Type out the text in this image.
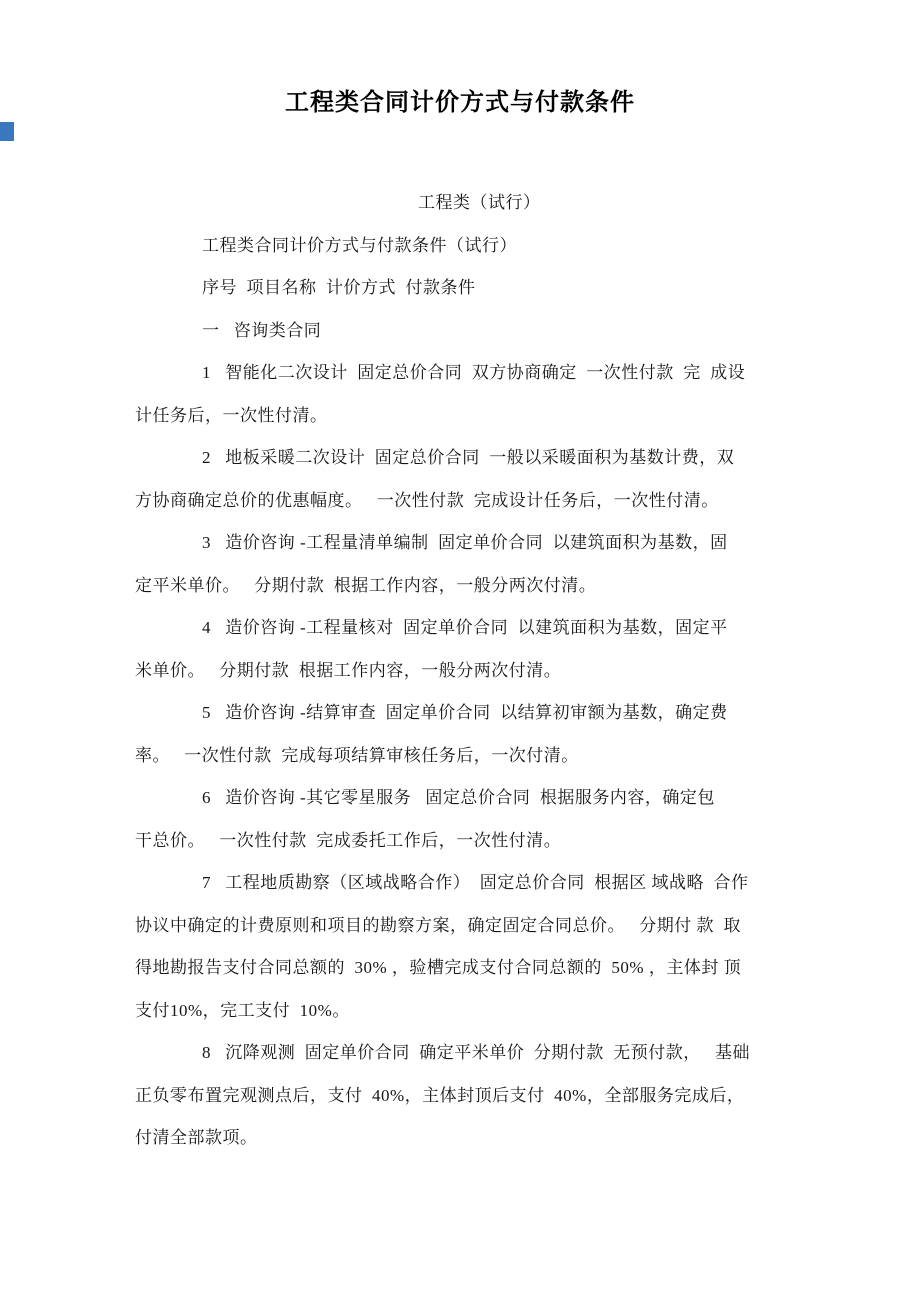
工程类合同计价方式与付款条件
工程类（试行）
工程类合同计价方式与付款条件（试行）
序号  项目名称  计价方式  付款条件
一   咨询类合同
1   智能化二次设计  固定总价合同  双方协商确定  一次性付款  完  成设
计任务后，一次性付清。
2   地板采暖二次设计  固定总价合同  一般以采暖面积为基数计费，双
方协商确定总价的优惠幅度。   一次性付款  完成设计任务后，一次性付清。
3   造价咨询 -工程量清单编制  固定单价合同  以建筑面积为基数，固
定平米单价。   分期付款  根据工作内容，一般分两次付清。
4   造价咨询 -工程量核对  固定单价合同  以建筑面积为基数，固定平
米单价。   分期付款  根据工作内容，一般分两次付清。
5   造价咨询 -结算审查  固定单价合同  以结算初审额为基数，确定费
率。   一次性付款  完成每项结算审核任务后，一次付清。
6   造价咨询 -其它零星服务   固定总价合同  根据服务内容，确定包
干总价。   一次性付款  完成委托工作后，一次性付清。
7   工程地质勘察（区域战略合作）  固定总价合同  根据区 域战略  合作
协议中确定的计费原则和项目的勘察方案，确定固定合同总价。   分期付 款  取
得地勘报告支付合同总额的  30% ，验槽完成支付合同总额的  50% ，主体封 顶
支付10%，完工支付  10%。
8   沉降观测  固定单价合同  确定平米单价  分期付款  无预付款，   基础
正负零布置完观测点后，支付  40%，主体封顶后支付  40%，全部服务完成后，
付清全部款项。
